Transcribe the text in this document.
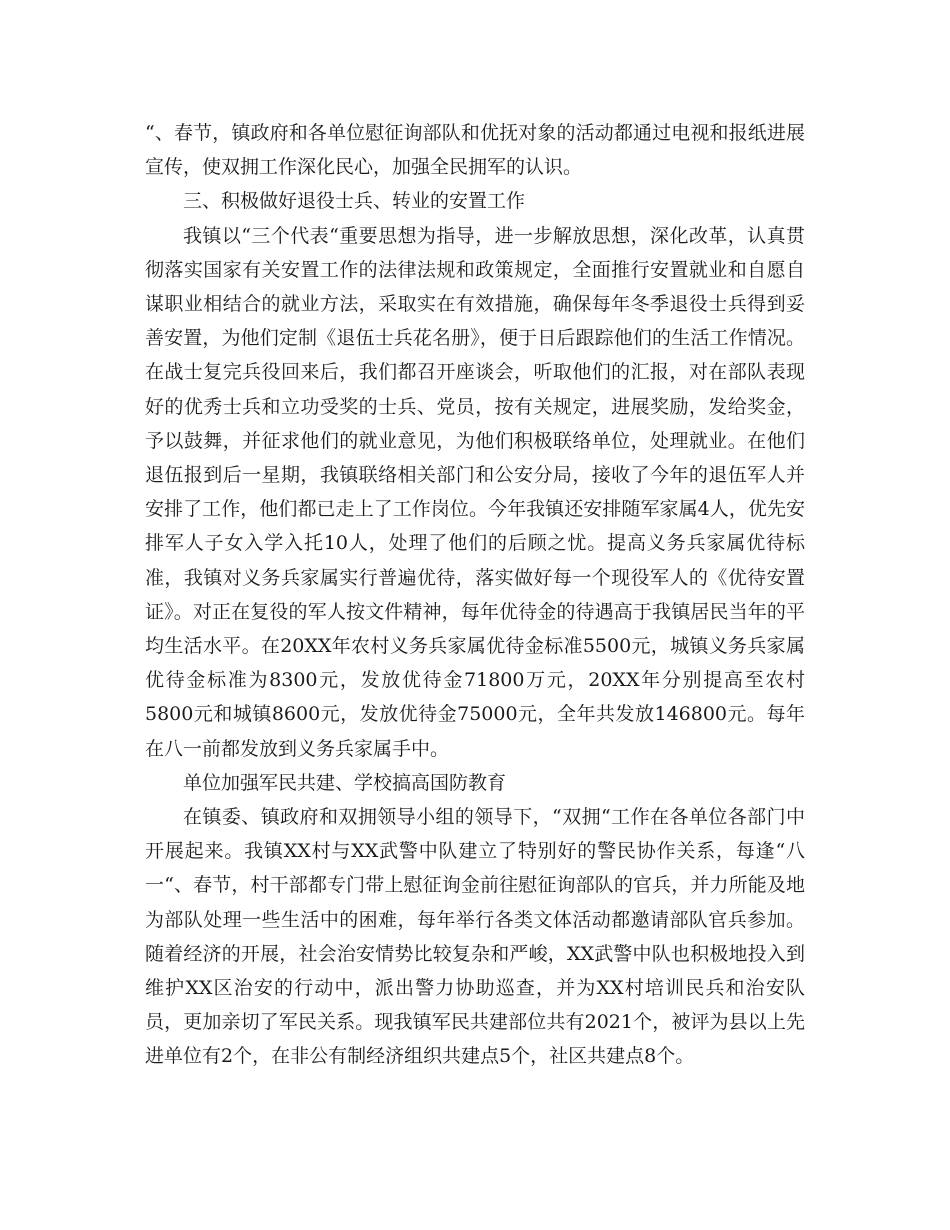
“、春节，镇政府和各单位慰征询部队和优抚对象的活动都通过电视和报纸进展宣传，使双拥工作深化民心，加强全民拥军的认识。

三、积极做好退役士兵、转业的安置工作

我镇以“三个代表“重要思想为指导，进一步解放思想，深化改革，认真贯彻落实国家有关安置工作的法律法规和政策规定，全面推行安置就业和自愿自谋职业相结合的就业方法，采取实在有效措施，确保每年冬季退役士兵得到妥善安置，为他们定制《退伍士兵花名册》，便于日后跟踪他们的生活工作情况。在战士复完兵役回来后，我们都召开座谈会，听取他们的汇报，对在部队表现好的优秀士兵和立功受奖的士兵、党员，按有关规定，进展奖励，发给奖金，予以鼓舞，并征求他们的就业意见，为他们积极联络单位，处理就业。在他们退伍报到后一星期，我镇联络相关部门和公安分局，接收了今年的退伍军人并安排了工作，他们都已走上了工作岗位。今年我镇还安排随军家属4人，优先安排军人子女入学入托10人，处理了他们的后顾之忧。提高义务兵家属优待标准，我镇对义务兵家属实行普遍优待，落实做好每一个现役军人的《优待安置证》。对正在复役的军人按文件精神，每年优待金的待遇高于我镇居民当年的平均生活水平。在20XX年农村义务兵家属优待金标准5500元，城镇义务兵家属优待金标准为8300元，发放优待金71800万元，20XX年分别提高至农村5800元和城镇8600元，发放优待金75000元，全年共发放146800元。每年在八一前都发放到义务兵家属手中。

单位加强军民共建、学校搞高国防教育

在镇委、镇政府和双拥领导小组的领导下，“双拥“工作在各单位各部门中开展起来。我镇XX村与XX武警中队建立了特别好的警民协作关系，每逢“八一“、春节，村干部都专门带上慰征询金前往慰征询部队的官兵，并力所能及地为部队处理一些生活中的困难，每年举行各类文体活动都邀请部队官兵参加。随着经济的开展，社会治安情势比较复杂和严峻，XX武警中队也积极地投入到维护XX区治安的行动中，派出警力协助巡查，并为XX村培训民兵和治安队员，更加亲切了军民关系。现我镇军民共建部位共有2021个，被评为县以上先进单位有2个，在非公有制经济组织共建点5个，社区共建点8个。
